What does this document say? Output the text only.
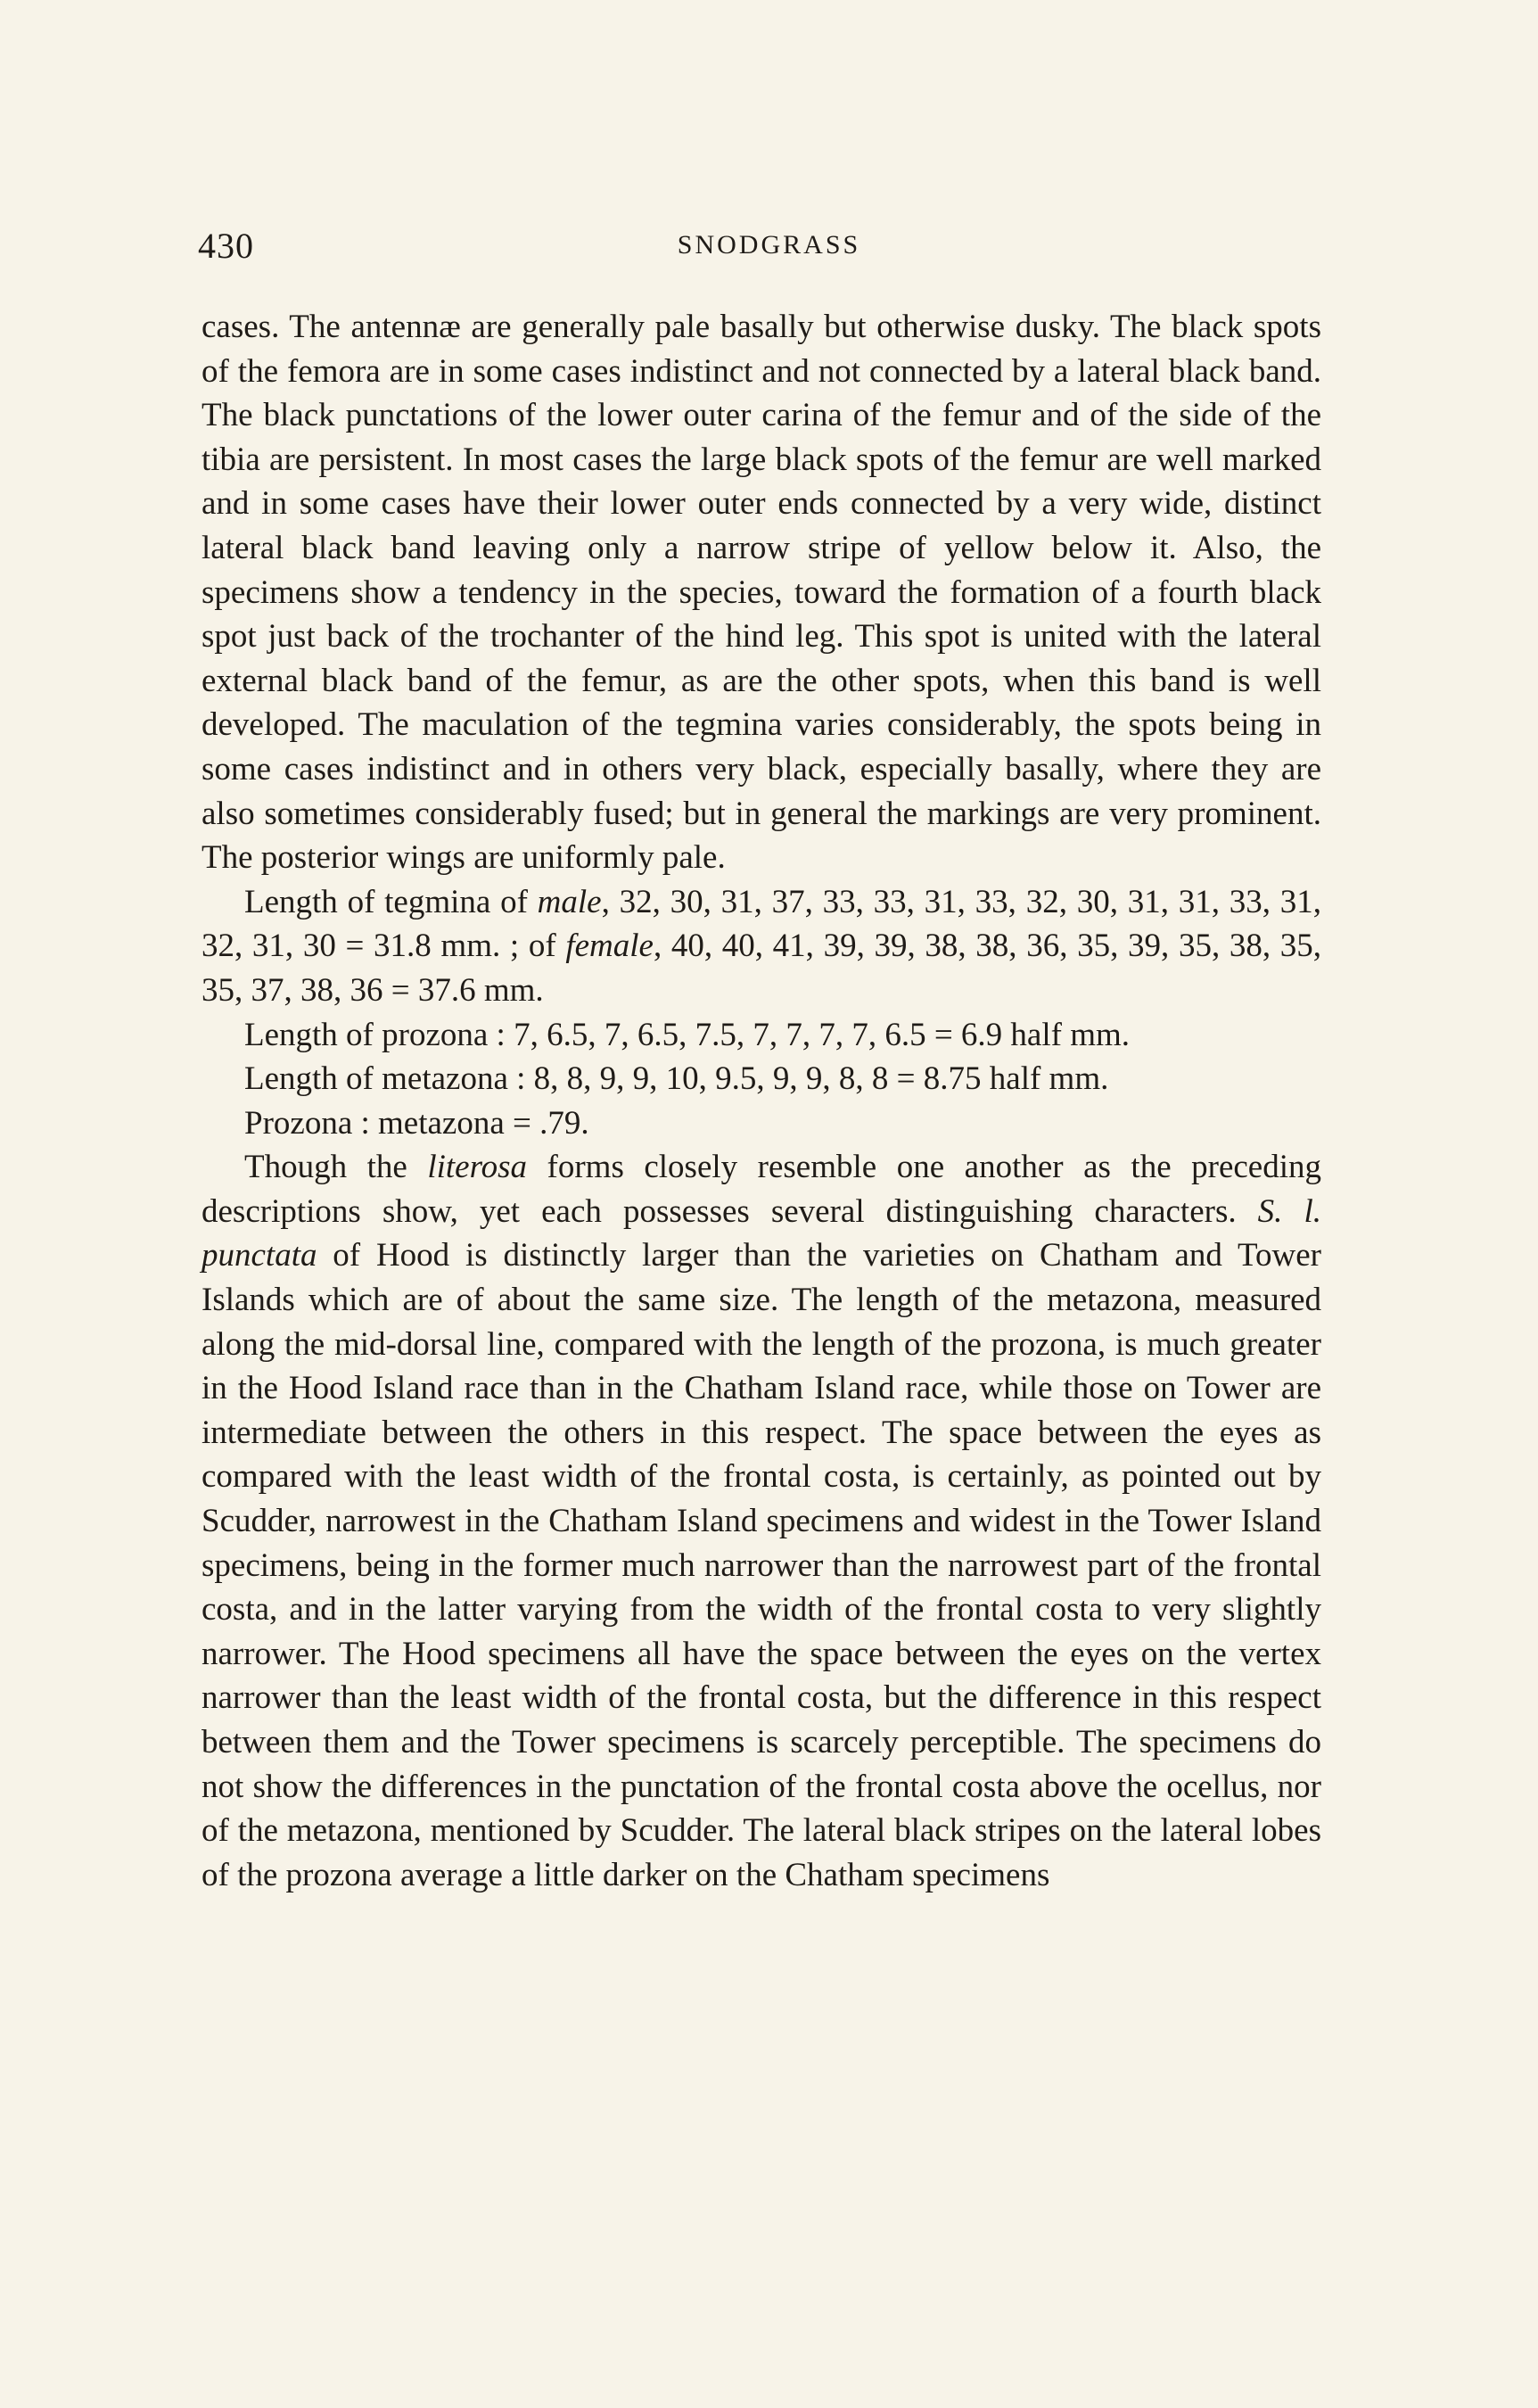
430	SNODGRASS

cases. The antennæ are generally pale basally but otherwise dusky. The black spots of the femora are in some cases indistinct and not connected by a lateral black band. The black punctations of the lower outer carina of the femur and of the side of the tibia are persistent. In most cases the large black spots of the femur are well marked and in some cases have their lower outer ends connected by a very wide, distinct lateral black band leaving only a narrow stripe of yellow below it. Also, the specimens show a tendency in the species, toward the formation of a fourth black spot just back of the trochanter of the hind leg. This spot is united with the lateral external black band of the femur, as are the other spots, when this band is well developed. The maculation of the tegmina varies considerably, the spots being in some cases indistinct and in others very black, especially basally, where they are also sometimes considerably fused; but in general the markings are very prominent. The posterior wings are uniformly pale.

Length of tegmina of male, 32, 30, 31, 37, 33, 33, 31, 33, 32, 30, 31, 31, 33, 31, 32, 31, 30 = 31.8 mm. ; of female, 40, 40, 41, 39, 39, 38, 38, 36, 35, 39, 35, 38, 35, 35, 37, 38, 36 = 37.6 mm.

Length of prozona : 7, 6.5, 7, 6.5, 7.5, 7, 7, 7, 7, 6.5 = 6.9 half mm.

Length of metazona : 8, 8, 9, 9, 10, 9.5, 9, 9, 8, 8 = 8.75 half mm.

Prozona : metazona = .79.

Though the literosa forms closely resemble one another as the preceding descriptions show, yet each possesses several distinguishing characters. S. l. punctata of Hood is distinctly larger than the varieties on Chatham and Tower Islands which are of about the same size. The length of the metazona, measured along the mid-dorsal line, compared with the length of the prozona, is much greater in the Hood Island race than in the Chatham Island race, while those on Tower are intermediate between the others in this respect. The space between the eyes as compared with the least width of the frontal costa, is certainly, as pointed out by Scudder, narrowest in the Chatham Island specimens and widest in the Tower Island specimens, being in the former much narrower than the narrowest part of the frontal costa, and in the latter varying from the width of the frontal costa to very slightly narrower. The Hood specimens all have the space between the eyes on the vertex narrower than the least width of the frontal costa, but the difference in this respect between them and the Tower specimens is scarcely perceptible. The specimens do not show the differences in the punctation of the frontal costa above the ocellus, nor of the metazona, mentioned by Scudder. The lateral black stripes on the lateral lobes of the prozona average a little darker on the Chatham specimens
